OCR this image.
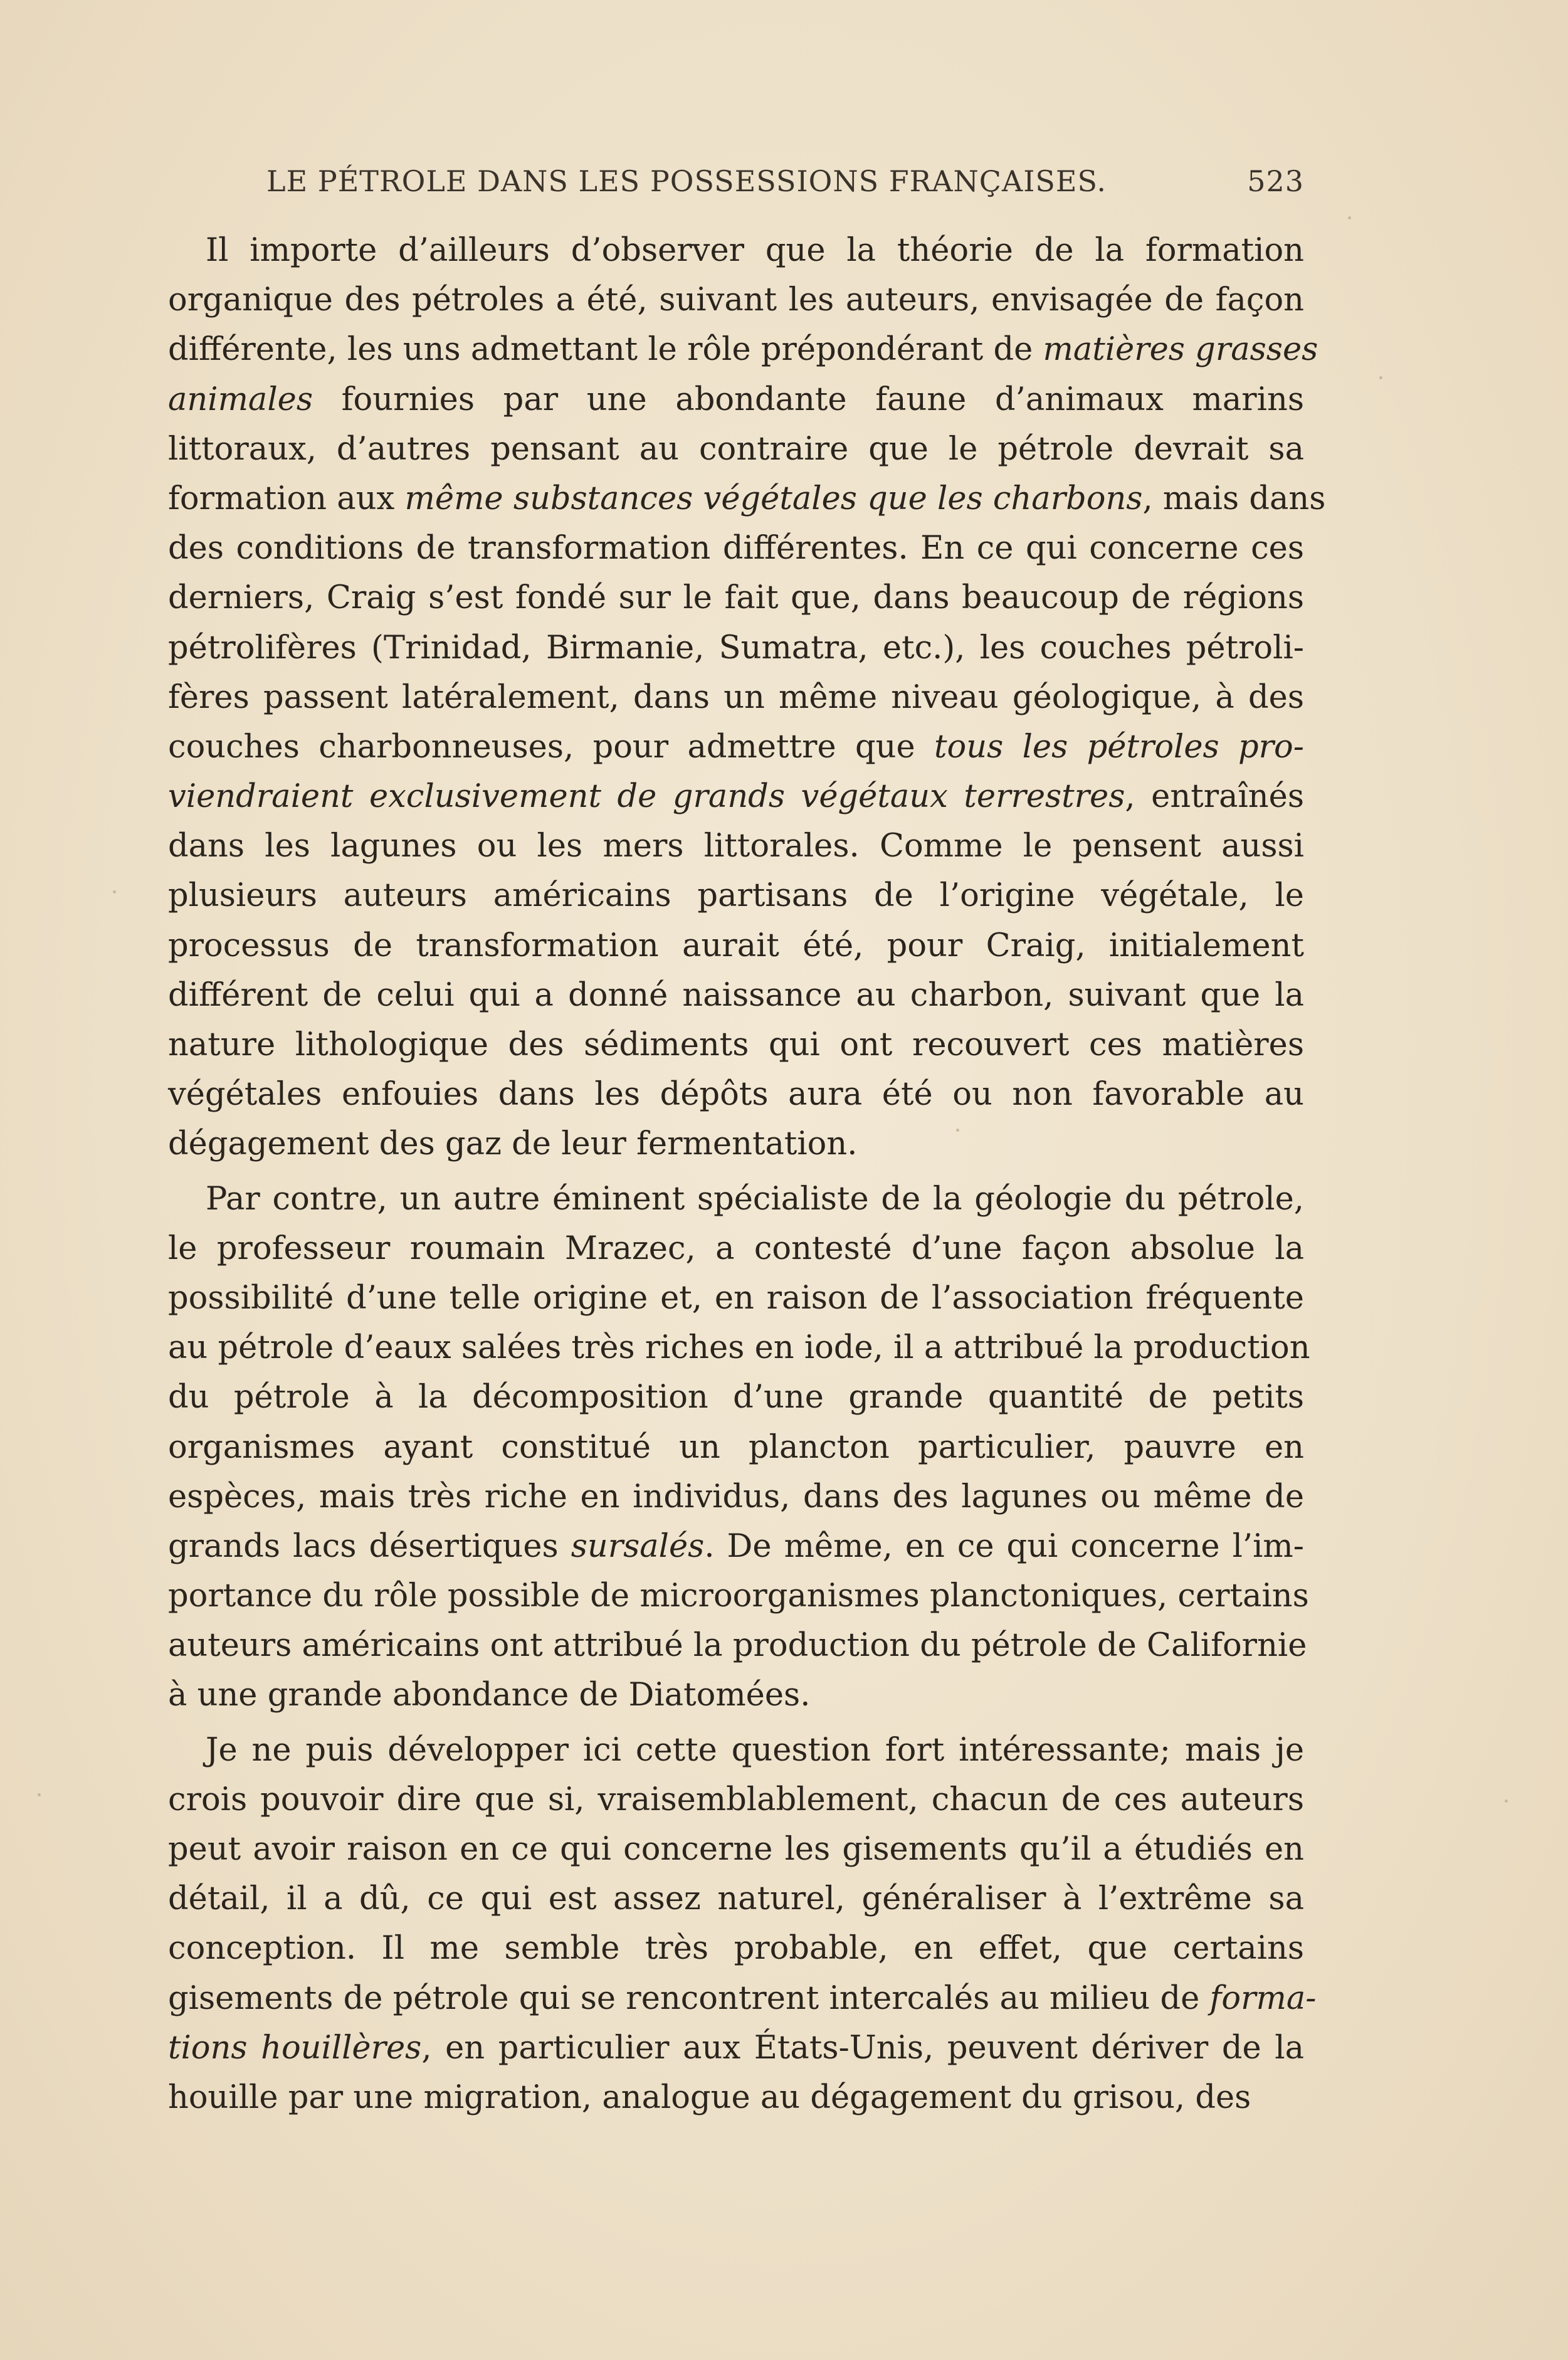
LE PÉTROLE DANS LES POSSESSIONS FRANÇAISES.	523
Il importe d’ailleurs d’observer que la théorie de la formation
organique des pétroles a été, suivant les auteurs, envisagée de façon
différente, les uns admettant le rôle prépondérant de matières grasses
animales fournies par une abondante faune d’animaux marins
littoraux, d’autres pensant au contraire que le pétrole devrait sa
formation aux même substances végétales que les charbons, mais dans
des conditions de transformation différentes. En ce qui concerne ces
derniers, Craig s’est fondé sur le fait que, dans beaucoup de régions
pétrolifères (Trinidad, Birmanie, Sumatra, etc.), les couches pétroli-
fères passent latéralement, dans un même niveau géologique, à des
couches charbonneuses, pour admettre que tous les pétroles pro-
viendraient exclusivement de grands végétaux terrestres, entraînés
dans les lagunes ou les mers littorales. Comme le pensent aussi
plusieurs auteurs américains partisans de l’origine végétale, le
processus de transformation aurait été, pour Craig, initialement
différent de celui qui a donné naissance au charbon, suivant que la
nature lithologique des sédiments qui ont recouvert ces matières
végétales enfouies dans les dépôts aura été ou non favorable au
dégagement des gaz de leur fermentation.
Par contre, un autre éminent spécialiste de la géologie du pétrole,
le professeur roumain Mrazec, a contesté d’une façon absolue la
possibilité d’une telle origine et, en raison de l’association fréquente
au pétrole d’eaux salées très riches en iode, il a attribué la production
du pétrole à la décomposition d’une grande quantité de petits
organismes ayant constitué un plancton particulier, pauvre en
espèces, mais très riche en individus, dans des lagunes ou même de
grands lacs désertiques sursalés. De même, en ce qui concerne l’im-
portance du rôle possible de microorganismes planctoniques, certains
auteurs américains ont attribué la production du pétrole de Californie
à une grande abondance de Diatomées.
Je ne puis développer ici cette question fort intéressante; mais je
crois pouvoir dire que si, vraisemblablement, chacun de ces auteurs
peut avoir raison en ce qui concerne les gisements qu’il a étudiés en
détail, il a dû, ce qui est assez naturel, généraliser à l’extrême sa
conception. Il me semble très probable, en effet, que certains
gisements de pétrole qui se rencontrent intercalés au milieu de forma-
tions houillères, en particulier aux États-Unis, peuvent dériver de la
houille par une migration, analogue au dégagement du grisou, des
